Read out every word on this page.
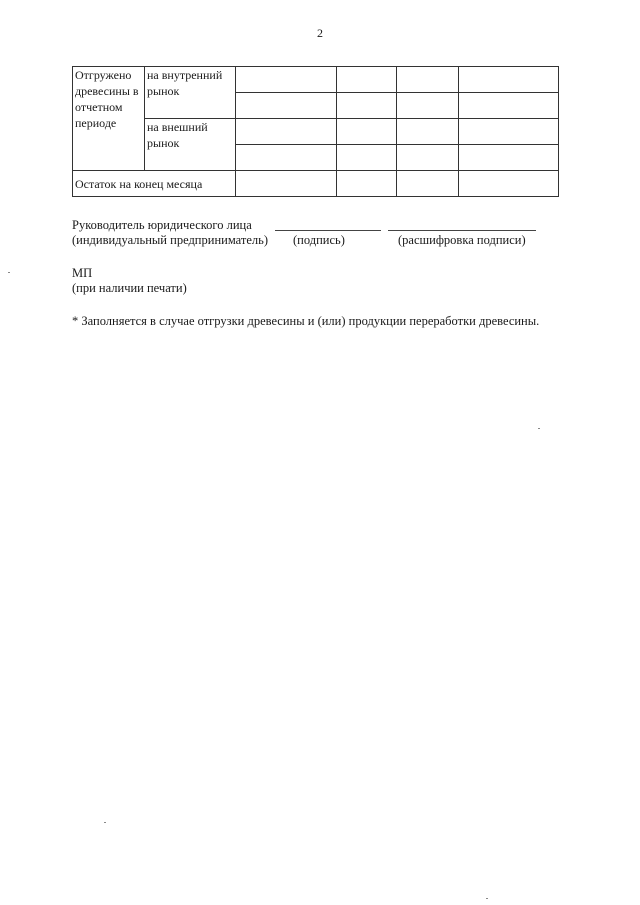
2
Отгружено древесины в отчетном периоде	на внутренний рынок				

	на внешний рынок				

Остаток на конец месяца					
Руководитель юридического лица
(индивидуальный предприниматель) (подпись)	(расшифровка подписи)
МП
(при наличии печати)
* Заполняется в случае отгрузки древесины и (или) продукции переработки древесины.
